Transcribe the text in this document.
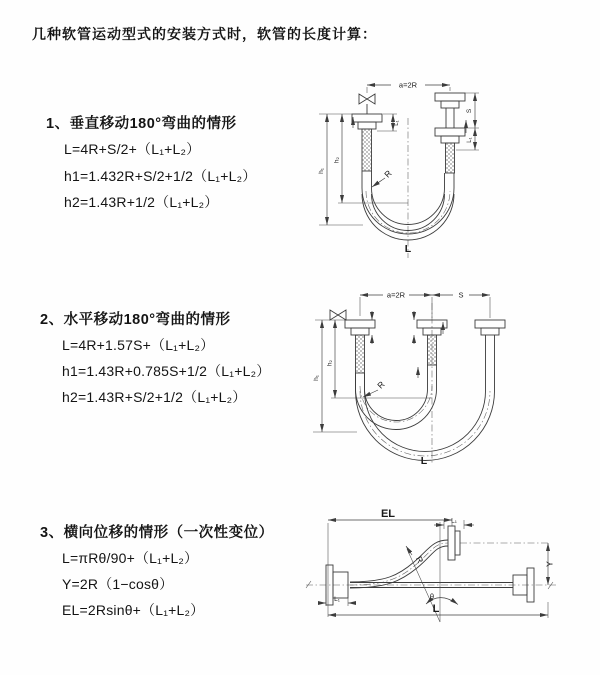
几种软管运动型式的安装方式时，软管的长度计算：
1、垂直移动180°弯曲的情形
L=4R+S/2+（L₁+L₂）
h1=1.432R+S/2+1/2（L₁+L₂）
h2=1.43R+1/2（L₁+L₂）
2、水平移动180°弯曲的情形
L=4R+1.57S+（L₁+L₂）
h1=1.43R+0.785S+1/2（L₁+L₂）
h2=1.43R+S/2+1/2（L₁+L₂）
3、横向位移的情形（一次性变位）
L=πRθ/90+（L₁+L₂）
Y=2R（1−cosθ）
EL=2Rsinθ+（L₁+L₂）
a=2R
h₁
h₂
L₁
S
L₁
R
L
a=2R	S
h₁
h₂
R
L
EL
L₁
L₁
Y
θ
R
L
